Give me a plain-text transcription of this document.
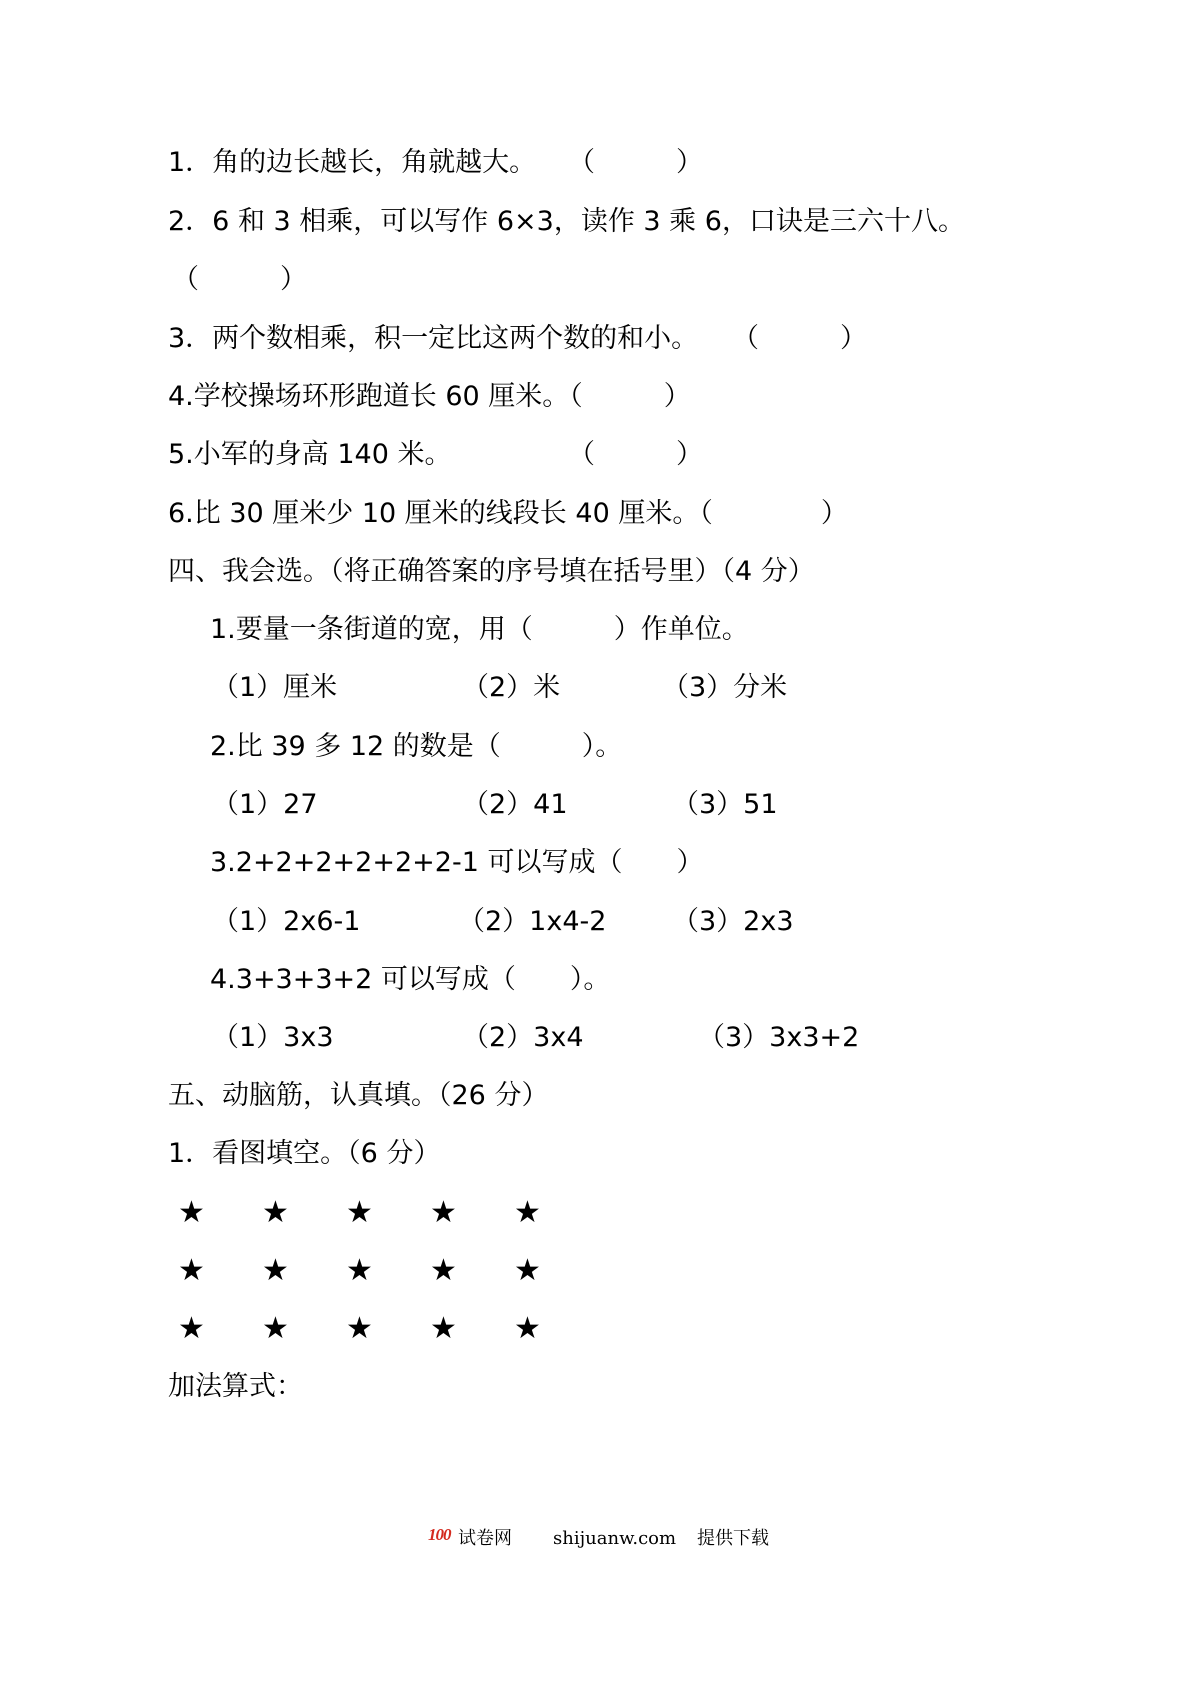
1．角的边长越长，角就越大。 （　　　）
2．6 和 3 相乘，可以写作 6×3，读作 3 乘 6，口诀是三六十八。
（　　　）
3．两个数相乘，积一定比这两个数的和小。 （　　　）
4.学校操场环形跑道长 60 厘米。（　　　）
5.小军的身高 140 米。	（　　　）
6.比 30 厘米少 10 厘米的线段长 40 厘米。（　　　　）
四、我会选。（将正确答案的序号填在括号里）（4 分）
1.要量一条街道的宽，用（　　　）作单位。
（1）厘米	（2）米	（3）分米
2.比 39 多 12 的数是（　　　）。
（1）27	（2）41	（3）51
3.2+2+2+2+2+2-1 可以写成（　　）
（1）2x6-1	（2）1x4-2 （3）2x3
4.3+3+3+2 可以写成（　　）。
（1）3x3	（2）3x4	（3）3x3+2
五、动脑筋，认真填。（26 分）
1．看图填空。（6 分）
★ ★ ★ ★ ★
★ ★ ★ ★ ★
★ ★ ★ ★ ★
加法算式：
100 试卷网 shijuanw.com 提供下载
